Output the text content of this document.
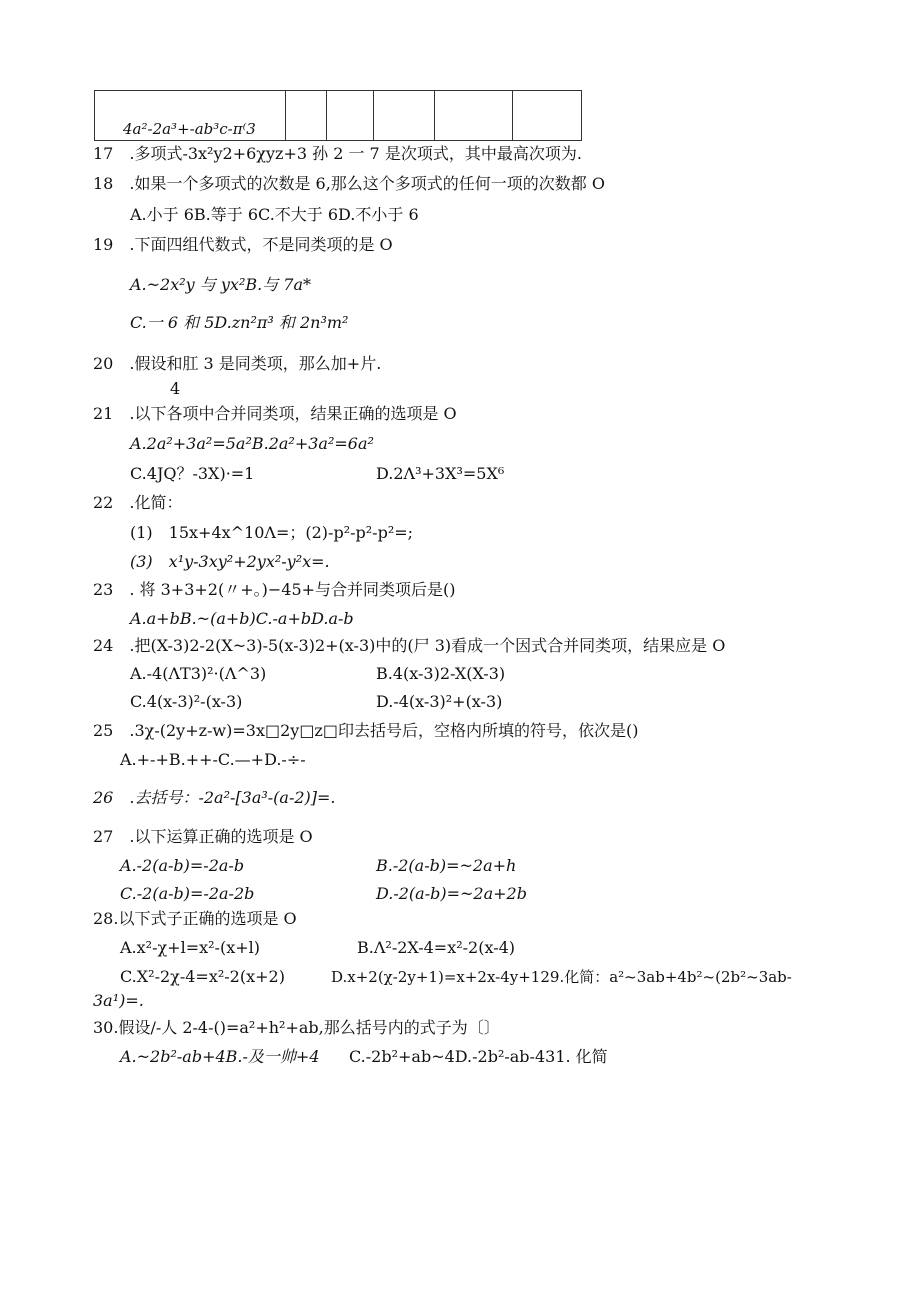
4a²-2a³+-ab³c-π⁽3					
17　.多项式-3x²y2+6χyz+3 孙 2 一 7 是次项式，其中最高次项为.
18　.如果一个多项式的次数是 6,那么这个多项式的任何一项的次数都 O
A.小于 6B.等于 6C.不大于 6D.不小于 6
19　.下面四组代数式，不是同类项的是 O
A.~2x²y 与 yx²B.与 7a*
C.一 6 和 5D.zn²π³ 和 2n³m²
20　.假设和肛 3 是同类项，那么加+片.
4
21　.以下各项中合并同类项，结果正确的选项是 O
A.2a²+3a²=5a²B.2a²+3a²=6a²
C.4JQ？-3X)·=1	D.2Λ³+3X³=5X⁶
22　.化简：
(1)　15x+4x^10Λ=；(2)-p²-p²-p²=;
(3)　x¹y-3xy²+2yx²-y²x=.
23　. 将 3+3+2(〃+。)−45+与合并同类项后是()
A.a+bB.~(a+b)C.-a+bD.a-b
24　.把(X-3)2-2(X~3)-5(x-3)2+(x-3)中的(尸 3)看成一个因式合并同类项，结果应是 O
A.-4(ΛT3)²·(Λ^3)	B.4(x-3)2-X(X-3)
C.4(x-3)²-(x-3)	D.-4(x-3)²+(x-3)
25　.3χ-(2y+z-w)=3x□2y□z□印去括号后，空格内所填的符号，依次是()
A.+-+B.++-C.—+D.-÷-
26　.去括号：-2a²-[3a³-(a-2)]=.
27　.以下运算正确的选项是 O
A.-2(a-b)=-2a-b	B.-2(a-b)=~2a+h
C.-2(a-b)=-2a-2b	D.-2(a-b)=~2a+2b
28.以下式子正确的选项是 O
A.x²-χ+l=x²-(x+l)	B.Λ²-2X-4=x²-2(x-4)
C.X²-2χ-4=x²-2(x+2)	D.x+2(χ-2y+1)=x+2x-4y+129.化简：a²~3ab+4b²~(2b²~3ab-
3a¹)=.
30.假设/-人 2-4-()=a²+h²+ab,那么括号内的式子为〔〕
A.~2b²-ab+4B.-及一帅+4 C.-2b²+ab~4D.-2b²-ab-431. 化简
